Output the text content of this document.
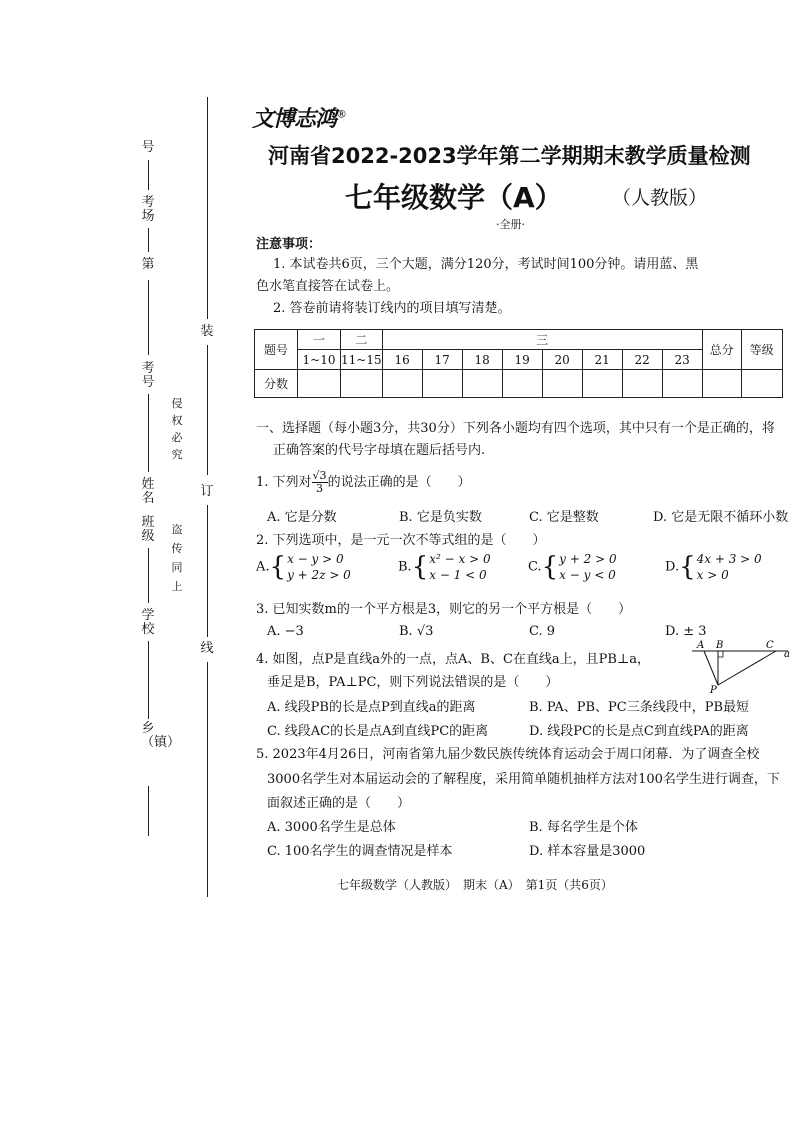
号
考场
第
考号
姓名
班级
学校
乡（镇）
侵权必究
盗传同上
装
订
线
文博志鸿®
河南省2022-2023学年第二学期期末教学质量检测
七年级数学（A）	（人教版）
·全册·
注意事项：
1. 本试卷共6页，三个大题，满分120分，考试时间100分钟。请用蓝、黑
色水笔直接答在试卷上。
2. 答卷前请将装订线内的项目填写清楚。
题号	一	二	三								总分	等级
	1~10	11~15	16	17	18	19	20	21	22	23		
分数												
一、选择题（每小题3分，共30分）下列各小题均有四个选项，其中只有一个是正确的，将
正确答案的代号字母填在题后括号内.
1. 下列对 $\frac{√3}{3}$ 的说法正确的是（　　）
A. 它是分数	B. 它是负实数	C. 它是整数	D. 它是无限不循环小数
2. 下列选项中，是一元一次不等式组的是（　　）
A.{ x − y > 0
y + 2z > 0
B.{ x² − x > 0
x − 1 < 0
C.{ y + 2 > 0
x − y < 0
D.{ 4x + 3 > 0
x > 0
3. 已知实数m的一个平方根是3，则它的另一个平方根是（　　）
A. −3	B. √3	C. 9	D. ± 3
4. 如图，点P是直线a外的一点，点A、B、C在直线a上，且PB⊥a，
垂足是B，PA⊥PC，则下列说法错误的是（　　）
A B	C
a
P
A. 线段PB的长是点P到直线a的距离	B. PA、PB、PC三条线段中，PB最短
C. 线段AC的长是点A到直线PC的距离	D. 线段PC的长是点C到直线PA的距离
5. 2023年4月26日，河南省第九届少数民族传统体育运动会于周口闭幕．为了调查全校
3000名学生对本届运动会的了解程度，采用简单随机抽样方法对100名学生进行调查，下
面叙述正确的是（　　）
A. 3000名学生是总体	B. 每名学生是个体
C. 100名学生的调查情况是样本	D. 样本容量是3000
七年级数学（人教版）　期末（A）　第1页（共6页）
